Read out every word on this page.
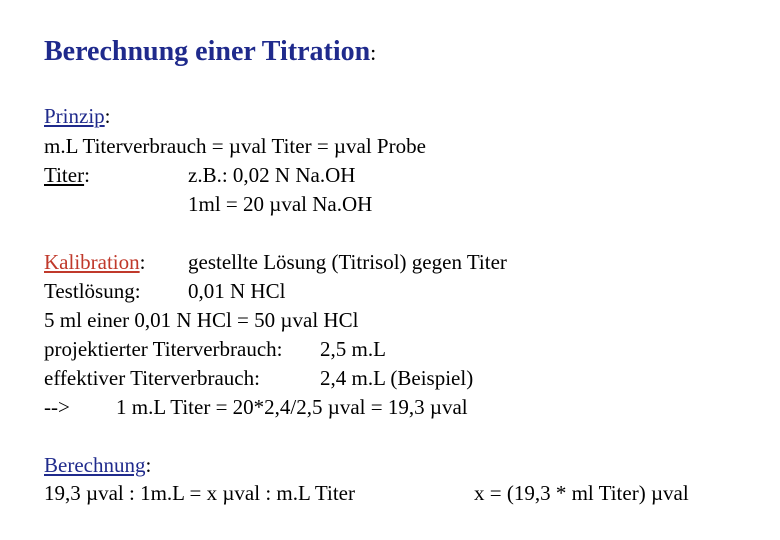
Berechnung einer Titration:
Prinzip:
m.L Titerverbrauch = µval Titer = µval Probe
Titer:	z.B.: 0,02 N Na.OH
1ml = 20 µval Na.OH
Kalibration: gestellte Lösung (Titrisol) gegen Titer
Testlösung: 0,01 N HCl
5 ml einer 0,01 N HCl = 50 µval HCl
projektierter Titerverbrauch: 2,5 m.L
effektiver Titerverbrauch:	2,4 m.L (Beispiel)
--> 1 m.L Titer = 20*2,4/2,5 µval = 19,3 µval
Berechnung:
19,3 µval : 1m.L = x µval : m.L Titer	x = (19,3 * ml Titer) µval
